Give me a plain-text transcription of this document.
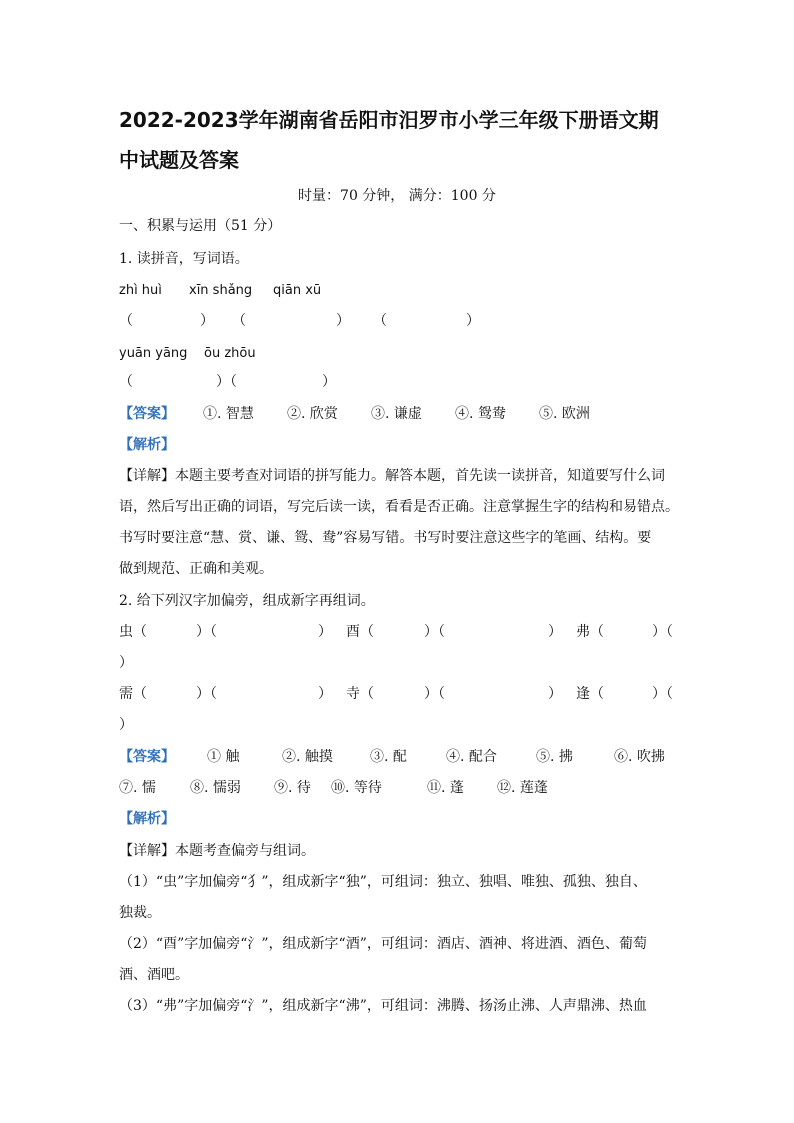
2022-2023学年湖南省岳阳市汨罗市小学三年级下册语文期
中试题及答案
时量：70 分钟， 满分：100 分
一、积累与运用（51 分）
1. 读拼音，写词语。
zhì huì xīn shǎng qiān xū
（	） （	） （	）
yuān yāng ōu zhōu
（	）（	）
【答案】 ①. 智慧 ②. 欣赏 ③. 谦虚 ④. 鸳鸯 ⑤. 欧洲
【解析】
【详解】本题主要考查对词语的拼写能力。解答本题，首先读一读拼音，知道要写什么词
语，然后写出正确的词语，写完后读一读，看看是否正确。注意掌握生字的结构和易错点。
书写时要注意“慧、赏、谦、鸳、鸯”容易写错。书写时要注意这些字的笔画、结构。要
做到规范、正确和美观。
2. 给下列汉字加偏旁，组成新字再组词。
虫（	）（	） 酉（	）（	） 弗（	）（
）
需（	）（	） 寺（	）（	） 逢（	）（
）
【答案】 ① 触	②. 触摸	③. 配	④. 配合	⑤. 拂	⑥. 吹拂
⑦. 懦 ⑧. 懦弱 ⑨. 待 ⑩. 等待	⑪. 蓬 ⑫. 莲蓬
【解析】
【详解】本题考查偏旁与组词。
（1）“虫”字加偏旁“犭”，组成新字“独”，可组词：独立、独唱、唯独、孤独、独自、
独裁。
（2）“酉”字加偏旁“氵”，组成新字“酒”，可组词：酒店、酒神、将进酒、酒色、葡萄
酒、酒吧。
（3）“弗”字加偏旁“氵”，组成新字“沸”，可组词：沸腾、扬汤止沸、人声鼎沸、热血
